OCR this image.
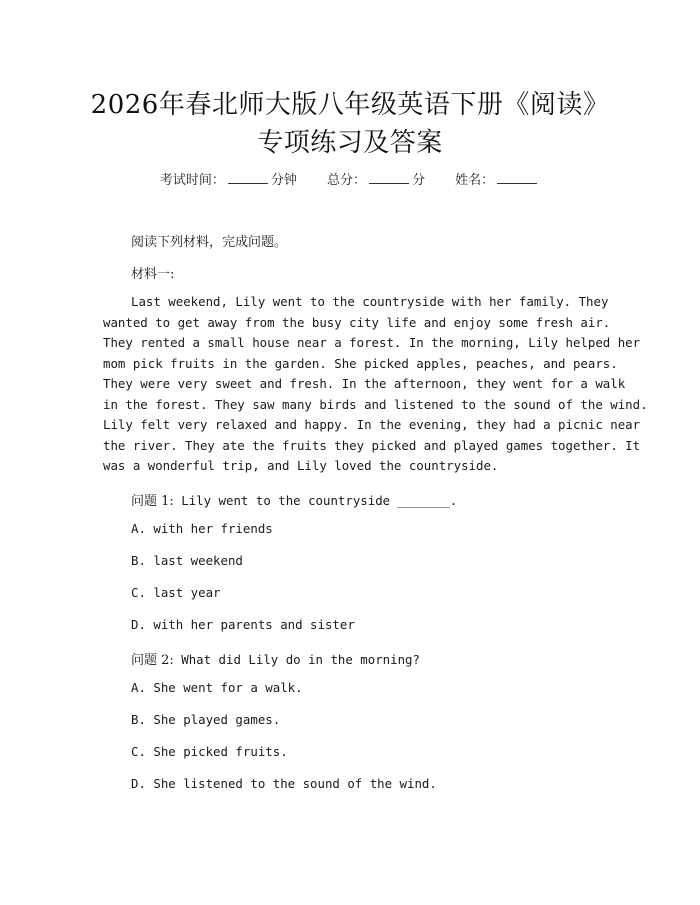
2026年春北师大版八年级英语下册《阅读》
专项练习及答案
考试时间：	分钟 总分：	分 姓名：
阅读下列材料，完成问题。
材料一:
Last weekend, Lily went to the countryside with her family. They
wanted to get away from the busy city life and enjoy some fresh air.
They rented a small house near a forest. In the morning, Lily helped her
mom pick fruits in the garden. She picked apples, peaches, and pears.
They were very sweet and fresh. In the afternoon, they went for a walk
in the forest. They saw many birds and listened to the sound of the wind.
Lily felt very relaxed and happy. In the evening, they had a picnic near
the river. They ate the fruits they picked and played games together. It
was a wonderful trip, and Lily loved the countryside.
问题 1: Lily went to the countryside _______.
A. with her friends
B. last weekend
C. last year
D. with her parents and sister
问题 2: What did Lily do in the morning?
A. She went for a walk.
B. She played games.
C. She picked fruits.
D. She listened to the sound of the wind.
